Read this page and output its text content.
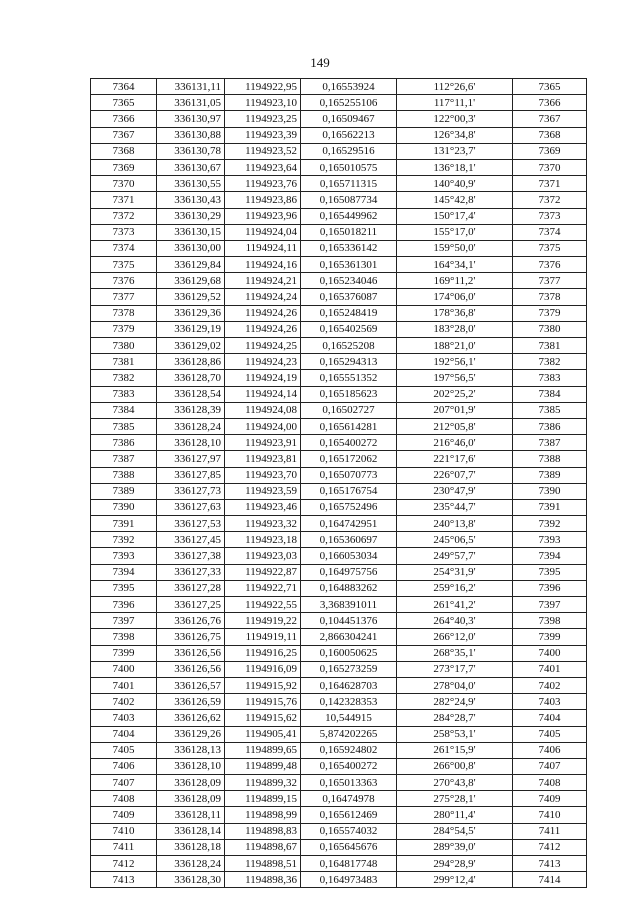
149
7364	336131,11	1194922,95	0,16553924	112°26,6'	7365
7365	336131,05	1194923,10	0,165255106	117°11,1'	7366
7366	336130,97	1194923,25	0,16509467	122°00,3'	7367
7367	336130,88	1194923,39	0,16562213	126°34,8'	7368
7368	336130,78	1194923,52	0,16529516	131°23,7'	7369
7369	336130,67	1194923,64	0,165010575	136°18,1'	7370
7370	336130,55	1194923,76	0,165711315	140°40,9'	7371
7371	336130,43	1194923,86	0,165087734	145°42,8'	7372
7372	336130,29	1194923,96	0,165449962	150°17,4'	7373
7373	336130,15	1194924,04	0,165018211	155°17,0'	7374
7374	336130,00	1194924,11	0,165336142	159°50,0'	7375
7375	336129,84	1194924,16	0,165361301	164°34,1'	7376
7376	336129,68	1194924,21	0,165234046	169°11,2'	7377
7377	336129,52	1194924,24	0,165376087	174°06,0'	7378
7378	336129,36	1194924,26	0,165248419	178°36,8'	7379
7379	336129,19	1194924,26	0,165402569	183°28,0'	7380
7380	336129,02	1194924,25	0,16525208	188°21,0'	7381
7381	336128,86	1194924,23	0,165294313	192°56,1'	7382
7382	336128,70	1194924,19	0,165551352	197°56,5'	7383
7383	336128,54	1194924,14	0,165185623	202°25,2'	7384
7384	336128,39	1194924,08	0,16502727	207°01,9'	7385
7385	336128,24	1194924,00	0,165614281	212°05,8'	7386
7386	336128,10	1194923,91	0,165400272	216°46,0'	7387
7387	336127,97	1194923,81	0,165172062	221°17,6'	7388
7388	336127,85	1194923,70	0,165070773	226°07,7'	7389
7389	336127,73	1194923,59	0,165176754	230°47,9'	7390
7390	336127,63	1194923,46	0,165752496	235°44,7'	7391
7391	336127,53	1194923,32	0,164742951	240°13,8'	7392
7392	336127,45	1194923,18	0,165360697	245°06,5'	7393
7393	336127,38	1194923,03	0,166053034	249°57,7'	7394
7394	336127,33	1194922,87	0,164975756	254°31,9'	7395
7395	336127,28	1194922,71	0,164883262	259°16,2'	7396
7396	336127,25	1194922,55	3,368391011	261°41,2'	7397
7397	336126,76	1194919,22	0,104451376	264°40,3'	7398
7398	336126,75	1194919,11	2,866304241	266°12,0'	7399
7399	336126,56	1194916,25	0,160050625	268°35,1'	7400
7400	336126,56	1194916,09	0,165273259	273°17,7'	7401
7401	336126,57	1194915,92	0,164628703	278°04,0'	7402
7402	336126,59	1194915,76	0,142328353	282°24,9'	7403
7403	336126,62	1194915,62	10,544915	284°28,7'	7404
7404	336129,26	1194905,41	5,874202265	258°53,1'	7405
7405	336128,13	1194899,65	0,165924802	261°15,9'	7406
7406	336128,10	1194899,48	0,165400272	266°00,8'	7407
7407	336128,09	1194899,32	0,165013363	270°43,8'	7408
7408	336128,09	1194899,15	0,16474978	275°28,1'	7409
7409	336128,11	1194898,99	0,165612469	280°11,4'	7410
7410	336128,14	1194898,83	0,165574032	284°54,5'	7411
7411	336128,18	1194898,67	0,165645676	289°39,0'	7412
7412	336128,24	1194898,51	0,164817748	294°28,9'	7413
7413	336128,30	1194898,36	0,164973483	299°12,4'	7414
